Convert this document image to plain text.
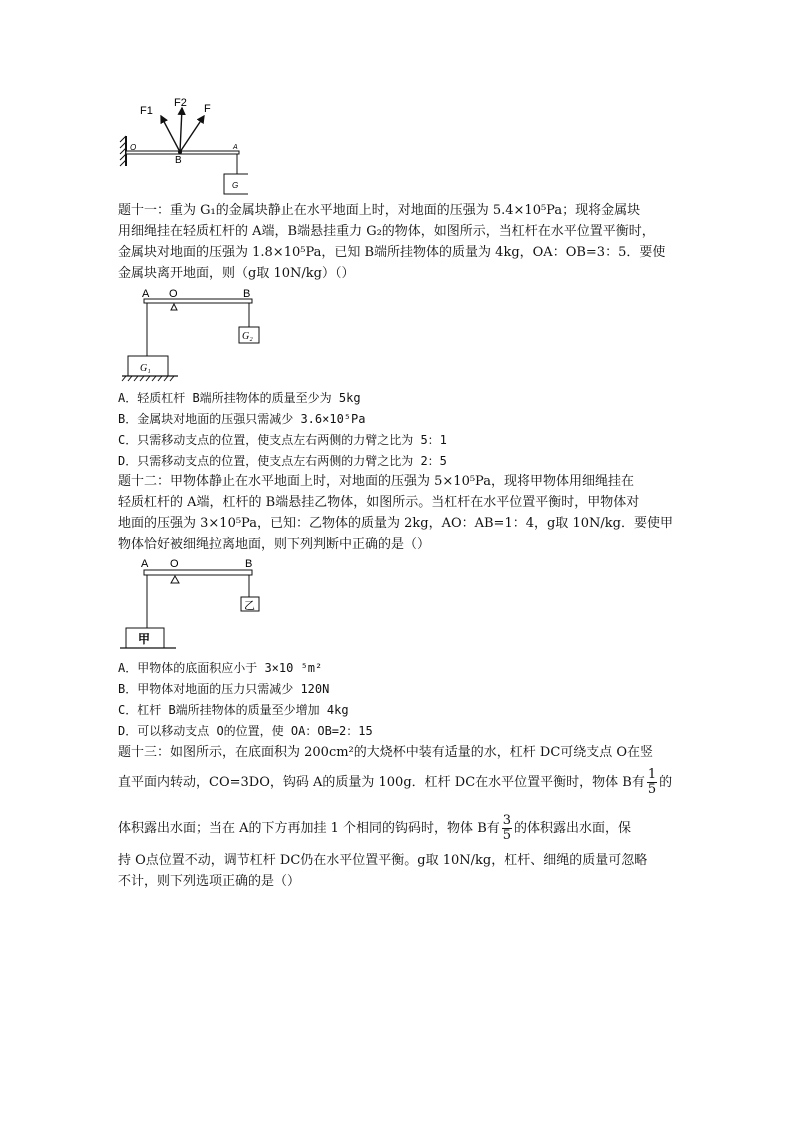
F1
F2 F
O
B
A
G
题十一：重为 G₁的金属块静止在水平地面上时，对地面的压强为 5.4×10⁵Pa；现将金属块
用细绳挂在轻质杠杆的 A端，B端悬挂重力 G₂的物体，如图所示，当杠杆在水平位置平衡时，
金属块对地面的压强为 1.8×10⁵Pa，已知 B端所挂物体的质量为 4kg，OA：OB=3：5．要使
金属块离开地面，则（g取 10N/kg）（）
A O	B
G₁
G₂
A．轻质杠杆 B端所挂物体的质量至少为 5kg
B．金属块对地面的压强只需减少 3.6×10⁵Pa
C．只需移动支点的位置，使支点左右两侧的力臂之比为 5：1
D．只需移动支点的位置，使支点左右两侧的力臂之比为 2：5
题十二：甲物体静止在水平地面上时，对地面的压强为 5×10⁵Pa，现将甲物体用细绳挂在
轻质杠杆的 A端，杠杆的 B端悬挂乙物体，如图所示。当杠杆在水平位置平衡时，甲物体对
地面的压强为 3×10⁵Pa，已知：乙物体的质量为 2kg，AO：AB=1：4，g取 10N/kg．要使甲
物体恰好被细绳拉离地面，则下列判断中正确的是（）
A O	B
甲
乙
A．甲物体的底面积应小于 3×10 ⁵m²
B．甲物体对地面的压力只需减少 120N
C．杠杆 B端所挂物体的质量至少增加 4kg
D．可以移动支点 O的位置，使 OA：OB=2：15
题十三：如图所示，在底面积为 200cm²的大烧杯中装有适量的水，杠杆 DC可绕支点 O在竖
直平面内转动，CO=3DO，钩码 A的质量为 100g．杠杆 DC在水平位置平衡时，物体 B有 $\frac{1}{5}$ 的
体积露出水面；当在 A的下方再加挂 1 个相同的钩码时，物体 B有 $\frac{3}{5}$ 的体积露出水面，保
持 O点位置不动，调节杠杆 DC仍在水平位置平衡。g取 10N/kg，杠杆、细绳的质量可忽略
不计，则下列选项正确的是（）
